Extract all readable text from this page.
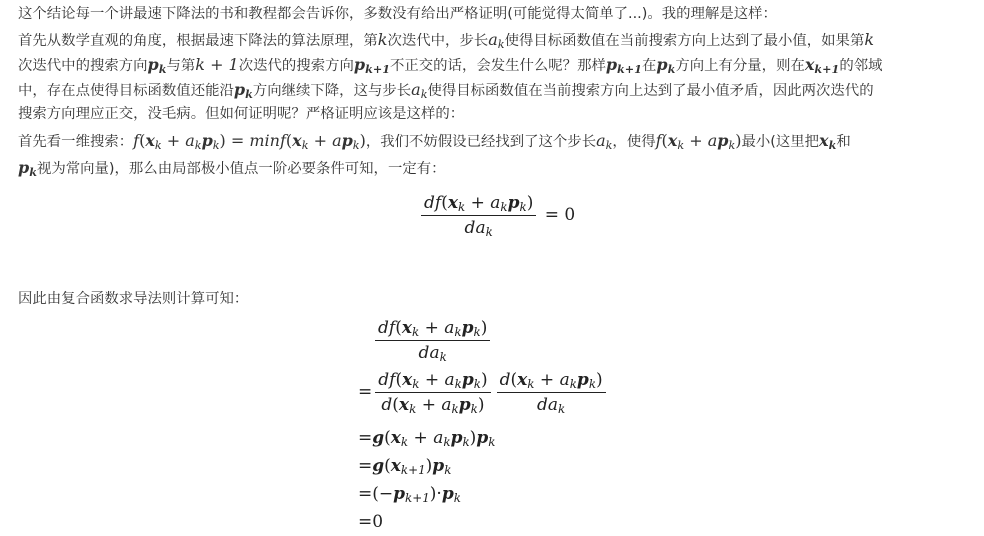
这个结论每一个讲最速下降法的书和教程都会告诉你，多数没有给出严格证明(可能觉得太简单了...)。我的理解是这样：

首先从数学直观的角度，根据最速下降法的算法原理，第k次迭代中，步长$a_k$使得目标函数值在当前搜索方向上达到了最小值，如果第k

次迭代中的搜索方向$p_k$与第k + 1次迭代的搜索方向$p_{k+1}$不正交的话，会发生什么呢？那样$p_{k+1}$在$p_k$方向上有分量，则在$x_{k+1}$的邻域

中，存在点使得目标函数值还能沿$p_k$方向继续下降，这与步长$a_k$使得目标函数值在当前搜索方向上达到了最小值矛盾，因此两次迭代的

搜索方向理应正交，没毛病。但如何证明呢？严格证明应该是这样的：

首先看一维搜索：$f(x_k + a_kp_k) = \min f(x_k + ap_k)$，我们不妨假设已经找到了这个步长$a_k$，使得$f(x_k + ap_k)$最小(这里把$x_k$和

$p_k$视为常向量)，那么由局部极小值点一阶必要条件可知，一定有：

$\frac{df(x_k + a_kp_k)}{da_k} = 0$

因此由复合函数求导法则计算可知：

$\frac{df(x_k + a_kp_k)}{da_k}$
= $\frac{df(x_k + a_kp_k)}{d(x_k + a_kp_k)} \frac{d(x_k + a_kp_k)}{da_k}$
$=g(x_k + a_kp_k)p_k$
$=g(x_{k+1})p_k$
$=(-p_{k+1})\cdot p_k$
=0
